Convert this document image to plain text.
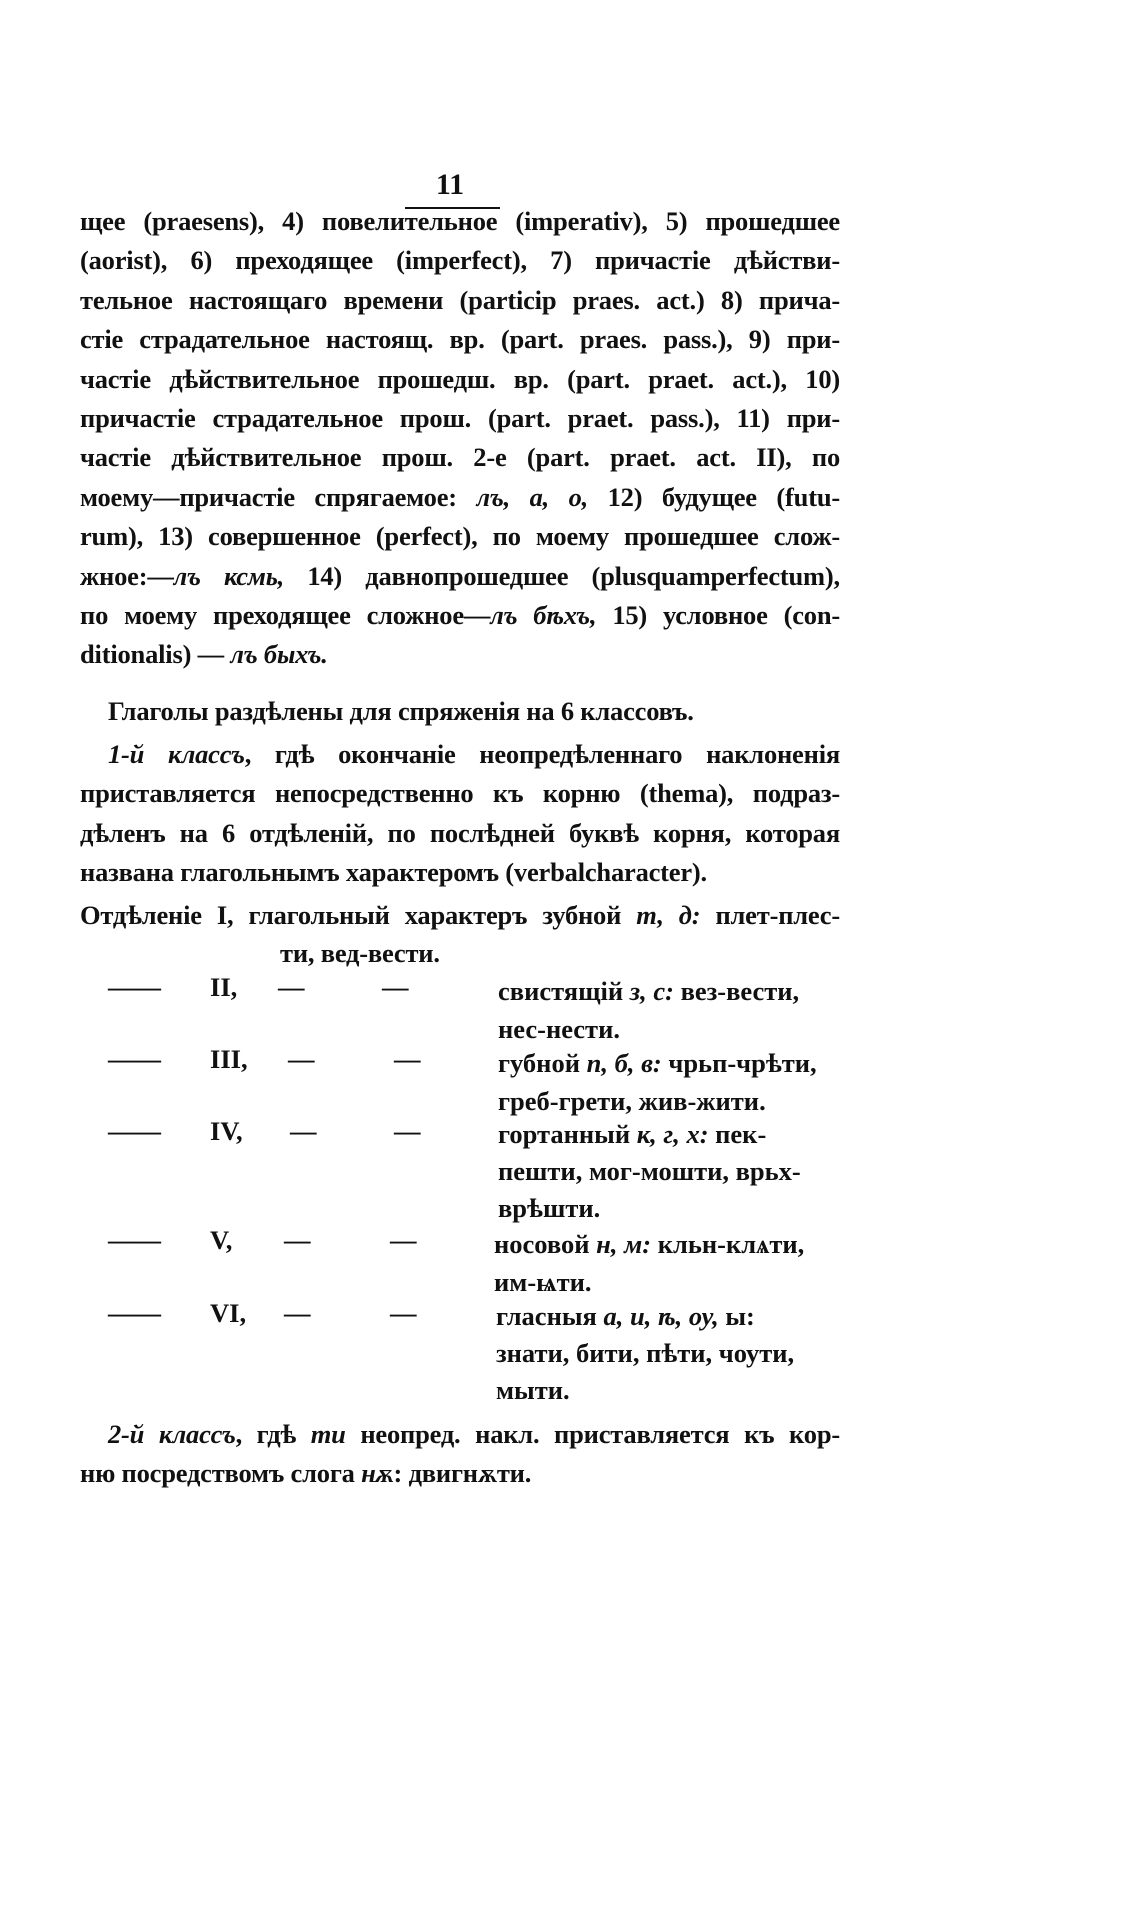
11
щее (praesens), 4) повелительное (imperativ), 5) прошедшее
(aorist), 6) преходящее (imperfect), 7) причастіе дѣйстви-
тельное настоящаго времени (particip praes. act.) 8) прича-
стіе страдательное настоящ. вр. (part. praes. pass.), 9) при-
частіе дѣйствительное прошедш. вр. (part. praet. act.), 10)
причастіе страдательное прош. (part. praet. pass.), 11) при-
частіе дѣйствительное прош. 2-е (part. praet. act. II), по
моему—причастіе спрягаемое: лъ, а, о, 12) будущее (futu-
rum), 13) совершенное (perfect), по моему прошедшее слож-
жное:—лъ ксмь, 14) давнопрошедшее (plusquamperfectum),
по моему преходящее сложное—лъ бѣхъ, 15) условное (con-
ditionalis) — лъ быхъ.
Глаголы раздѣлены для спряженія на 6 классовъ.
1-й классъ, гдѣ окончаніе неопредѣленнаго наклоненія
приставляется непосредственно къ корню (thema), подраз-
дѣленъ на 6 отдѣленій, по послѣдней буквѣ корня, которая
названа глагольнымъ характеромъ (verbalcharacter).
Отдѣленіе I, глагольный характеръ зубной т, д: плет-плес-
ти, вед-вести.
—— II, —	—	свистящій з, с: вез-вести,
нес-нести.
—— III, —	—	губной п, б, в: чрьп-чрѣти,
греб-грети, жив-жити.
—— IV, —	—	гортанный к, г, х: пек-
пешти, мог-мошти, врьх-
врѣшти.
—— V, —	—	носовой н, м: кльн-клѧти,
им-ѩти.
—— VI, —	—	гласныя а, и, ѣ, оу, ы:
знати, бити, пѣти, чоути,
мыти.
2-й классъ, гдѣ ти неопред. накл. приставляется къ кор-
ню посредствомъ слога нѫ: двигнѫти.
